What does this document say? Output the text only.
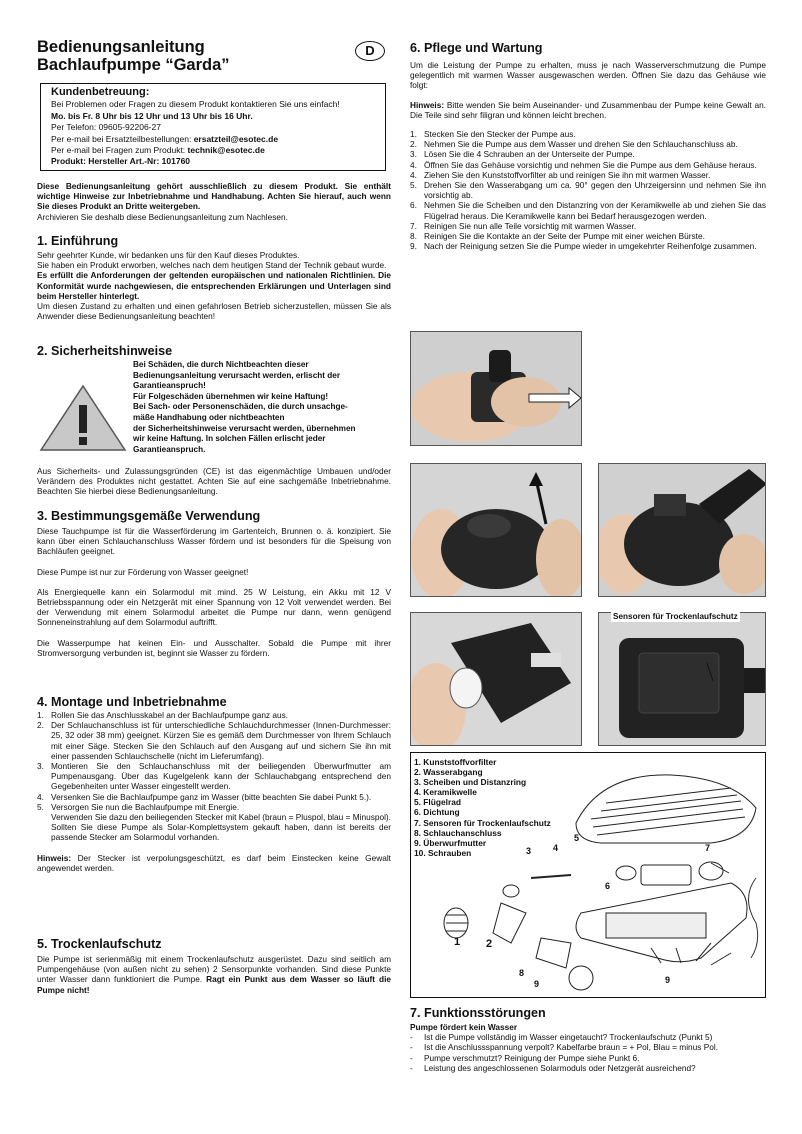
Bedienungsanleitung
Bachlaufpumpe “Garda”
D
Kundenbetreuung:
Bei Problemen oder Fragen zu diesem Produkt kontaktieren Sie uns einfach!
Mo. bis Fr. 8 Uhr bis 12 Uhr und 13 Uhr bis 16 Uhr.
Per Telefon: 09605-92206-27
Per e-mail bei Ersatzteilbestellungen: ersatzteil@esotec.de
Per e-mail bei Fragen zum Produkt: technik@esotec.de
Produkt: Hersteller Art.-Nr: 101760

Diese Bedienungsanleitung gehört ausschließlich zu diesem Produkt. Sie enthält wichtige Hinweise zur Inbetriebnahme und Handhabung. Achten Sie hierauf, auch wenn Sie dieses Produkt an Dritte weitergeben.

Archivieren Sie deshalb diese Bedienungsanleitung zum Nachlesen.

1. Einführung

Sehr geehrter Kunde, wir bedanken uns für den Kauf dieses Produktes.

Sie haben ein Produkt erworben, welches nach dem heutigen Stand der Technik gebaut wurde.

Es erfüllt die Anforderungen der geltenden europäischen und nationalen Richtlinien. Die Konformität wurde nachgewiesen, die entsprechenden Erklärungen und Unterlagen sind beim Hersteller hinterlegt.

Um diesen Zustand zu erhalten und einen gefahrlosen Betrieb sicherzustellen, müssen Sie als Anwender diese Bedienungsanleitung beachten!

2. Sicherheitshinweise
Bei Schäden, die durch Nichtbeachten dieser
Bedienungsanleitung verursacht werden, erlischt der
Garantieanspruch!
Für Folgeschäden übernehmen wir keine Haftung!
Bei Sach- oder Personenschäden, die durch unsachge-
mäße Handhabung oder nichtbeachten
der Sicherheitshinweise verursacht werden, übernehmen
wir keine Haftung. In solchen Fällen erlischt jeder
Garantieanspruch.

Aus Sicherheits- und Zulassungsgründen (CE) ist das eigenmächtige Umbauen und/oder Verändern des Produktes nicht gestattet. Achten Sie auf eine sachgemäße Inbetriebnahme. Beachten Sie hierbei diese Bedienungsanleitung.

3. Bestimmungsgemäße Verwendung

Diese Tauchpumpe ist für die Wasserförderung im Gartenteich, Brunnen o. ä. konzipiert. Sie kann über einen Schlauchanschluss Wasser fördern und ist besonders für die Speisung von Bachläufen geeignet.

Diese Pumpe ist nur zur Förderung von Wasser geeignet!

Als Energiequelle kann ein Solarmodul mit mind. 25 W Leistung, ein Akku mit 12 V Betriebsspannung oder ein Netzgerät mit einer Spannung von 12 Volt verwendet werden. Bei der Verwendung mit einem Solarmodul arbeitet die Pumpe nur dann, wenn genügend Sonneneinstrahlung auf dem Solarmodul auftrifft.

Die Wasserpumpe hat keinen Ein- und Ausschalter. Sobald die Pumpe mit ihrer Stromversorgung verbunden ist, beginnt sie Wasser zu fördern.

4. Montage und Inbetriebnahme
1. Rollen Sie das Anschlusskabel an der Bachlaufpumpe ganz aus.
2. Der Schlauchanschluss ist für unterschiedliche Schlauchdurchmesser (Innen-Durchmesser: 25, 32 oder 38 mm) geeignet. Kürzen Sie es gemäß dem Durchmesser von Ihrem Schlauch mit einer Säge. Stecken Sie den Schlauch auf den Ausgang auf und sichern Sie ihn mit einer passenden Schlauchschelle (nicht im Lieferumfang).
3. Montieren Sie den Schlauchanschluss mit der beiliegenden Überwurfmutter am Pumpenausgang. Über das Kugelgelenk kann der Schlauchabgang entsprechend den Gegebenheiten unter Wasser eingestellt werden.
4. Versenken Sie die Bachlaufpumpe ganz im Wasser (bitte beachten Sie dabei Punkt 5.).
5. Versorgen Sie nun die Bachlaufpumpe mit Energie.
Verwenden Sie dazu den beiliegenden Stecker mit Kabel (braun = Pluspol, blau = Minuspol). Sollten Sie diese Pumpe als Solar-Komplettsystem gekauft haben, dann ist bereits der passende Stecker am Solarmodul vorhanden.

Hinweis: Der Stecker ist verpolungsgeschützt, es darf beim Einstecken keine Gewalt angewendet werden.

5. Trockenlaufschutz

Die Pumpe ist serienmäßig mit einem Trockenlaufschutz ausgerüstet. Dazu sind seitlich am Pumpengehäuse (von außen nicht zu sehen) 2 Sensorpunkte vorhanden. Sind diese Punkte unter Wasser dann funktioniert die Pumpe. Ragt ein Punkt aus dem Wasser so läuft die Pumpe nicht!

6. Pflege und Wartung

Um die Leistung der Pumpe zu erhalten, muss je nach Wasserverschmutzung die Pumpe gelegentlich mit warmen Wasser ausgewaschen werden. Öffnen Sie dazu das Gehäuse wie folgt:

Hinweis: Bitte wenden Sie beim Auseinander- und Zusammenbau der Pumpe keine Gewalt an. Die Teile sind sehr filigran und können leicht brechen.

1. Stecken Sie den Stecker der Pumpe aus.
2. Nehmen Sie die Pumpe aus dem Wasser und drehen Sie den Schlauchanschluss ab.
3. Lösen Sie die 4 Schrauben an der Unterseite der Pumpe.
4. Öffnen Sie das Gehäuse vorsichtig und nehmen Sie die Pumpe aus dem Gehäuse heraus.
4. Ziehen Sie den Kunststoffvorfilter ab und reinigen Sie ihn mit warmen Wasser.
5. Drehen Sie den Wasserabgang um ca. 90° gegen den Uhrzeigersinn und nehmen Sie ihn vorsichtig ab.
6. Nehmen Sie die Scheiben und den Distanzring von der Keramikwelle ab und ziehen Sie das Flügelrad heraus. Die Keramikwelle kann bei Bedarf herausgezogen werden.
7. Reinigen Sie nun alle Teile vorsichtig mit warmen Wasser.
8. Reinigen Sie die Kontakte an der Seite der Pumpe mit einer weichen Bürste.
9. Nach der Reinigung setzen Sie die Pumpe wieder in umgekehrter Reihenfolge zusammen.
Sensoren für Trockenlaufschutz
1. Kunststoffvorfilter
2. Wasserabgang
3. Scheiben und Distanzring
4. Keramikwelle
5. Flügelrad
6. Dichtung
7. Sensoren für Trockenlaufschutz
8. Schlauchanschluss
9. Überwurfmutter
10. Schrauben
1 2
3 4
5
6
7
8
9	9
7. Funktionsstörungen

Pumpe fördert kein Wasser

- Ist die Pumpe vollständig im Wasser eingetaucht? Trockenlaufschutz (Punkt 5)
- Ist die Anschlussspannung verpolt? Kabelfarbe braun = + Pol, Blau = minus Pol.
- Pumpe verschmutzt? Reinigung der Pumpe siehe Punkt 6.
- Leistung des angeschlossenen Solarmoduls oder Netzgerät ausreichend?
